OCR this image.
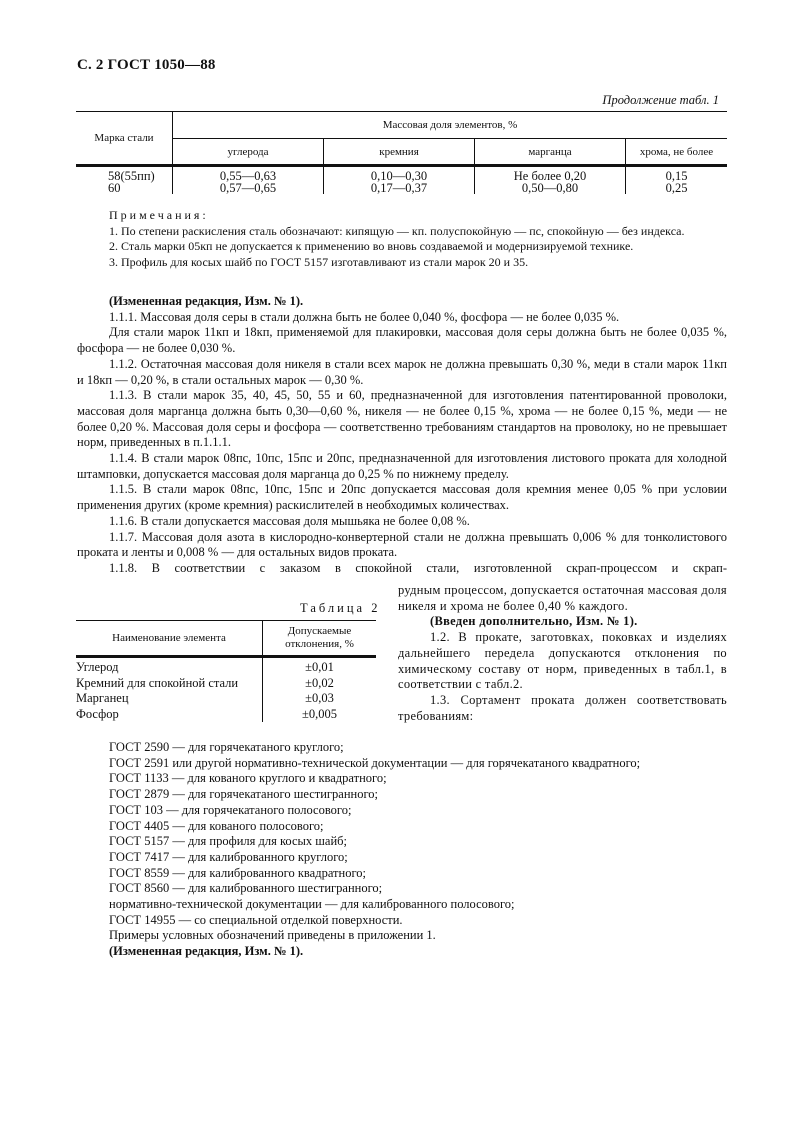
С. 2 ГОСТ 1050—88
Продолжение табл. 1
Марка стали	Массовая доля элементов, %			
	углерода	кремния	марганца	хрома, не более
58(55пп)	0,55—0,63	0,10—0,30	Не более 0,20	0,15
60	0,57—0,65	0,17—0,37	0,50—0,80	0,25

Примечания:

1. По степени раскисления сталь обозначают: кипящую — кп. полуспокойную — пс, спокойную — без индекса.

2. Сталь марки 05кп не допускается к применению во вновь создаваемой и модернизируемой технике.

3. Профиль для косых шайб по ГОСТ 5157 изготавливают из стали марок 20 и 35.

(Измененная редакция, Изм. № 1).

1.1.1. Массовая доля серы в стали должна быть не более 0,040 %, фосфора — не более 0,035 %.

Для стали марок 11кп и 18кп, применяемой для плакировки, массовая доля серы должна быть не более 0,035 %, фосфора — не более 0,030 %.

1.1.2. Остаточная массовая доля никеля в стали всех марок не должна превышать 0,30 %, меди в стали марок 11кп и 18кп — 0,20 %, в стали остальных марок — 0,30 %.

1.1.3. В стали марок 35, 40, 45, 50, 55 и 60, предназначенной для изготовления патентированной проволоки, массовая доля марганца должна быть 0,30—0,60 %, никеля — не более 0,15 %, хрома — не более 0,15 %, меди — не более 0,20 %. Массовая доля серы и фосфора — соответственно требованиям стандартов на проволоку, но не превышает норм, приведенных в п.1.1.1.

1.1.4. В стали марок 08пс, 10пс, 15пс и 20пс, предназначенной для изготовления листового проката для холодной штамповки, допускается массовая доля марганца до 0,25 % по нижнему пределу.

1.1.5. В стали марок 08пс, 10пс, 15пс и 20пс допускается массовая доля кремния менее 0,05 % при условии применения других (кроме кремния) раскислителей в необходимых количествах.

1.1.6. В стали допускается массовая доля мышьяка не более 0,08 %.

1.1.7. Массовая доля азота в кислородно-конвертерной стали не должна превышать 0,006 % для тонколистового проката и ленты и 0,008 % — для остальных видов проката.

1.1.8. В соответствии с заказом в спокойной стали, изготовленной скрап-процессом и скрап-

Таблица 2
Наименование элемента	Допускаемые отклонения, %
Углерод	±0,01
Кремний для спокойной стали	±0,02
Марганец	±0,03
Фосфор	±0,005

рудным процессом, допускается остаточная массовая доля никеля и хрома не более 0,40 % каждого.

(Введен дополнительно, Изм. № 1).

1.2. В прокате, заготовках, поковках и изделиях дальнейшего передела допускаются отклонения по химическому составу от норм, приведенных в табл.1, в соответствии с табл.2.

1.3. Сортамент проката должен соответствовать требованиям:

ГОСТ 2590 — для горячекатаного круглого;

ГОСТ 2591 или другой нормативно-технической документации — для горячекатаного квадратного;

ГОСТ 1133 — для кованого круглого и квадратного;

ГОСТ 2879 — для горячекатаного шестигранного;

ГОСТ 103 — для горячекатаного полосового;

ГОСТ 4405 — для кованого полосового;

ГОСТ 5157 — для профиля для косых шайб;

ГОСТ 7417 — для калиброванного круглого;

ГОСТ 8559 — для калиброванного квадратного;

ГОСТ 8560 — для калиброванного шестигранного;

нормативно-технической документации — для калиброванного полосового;

ГОСТ 14955 — со специальной отделкой поверхности.

Примеры условных обозначений приведены в приложении 1.

(Измененная редакция, Изм. № 1).
